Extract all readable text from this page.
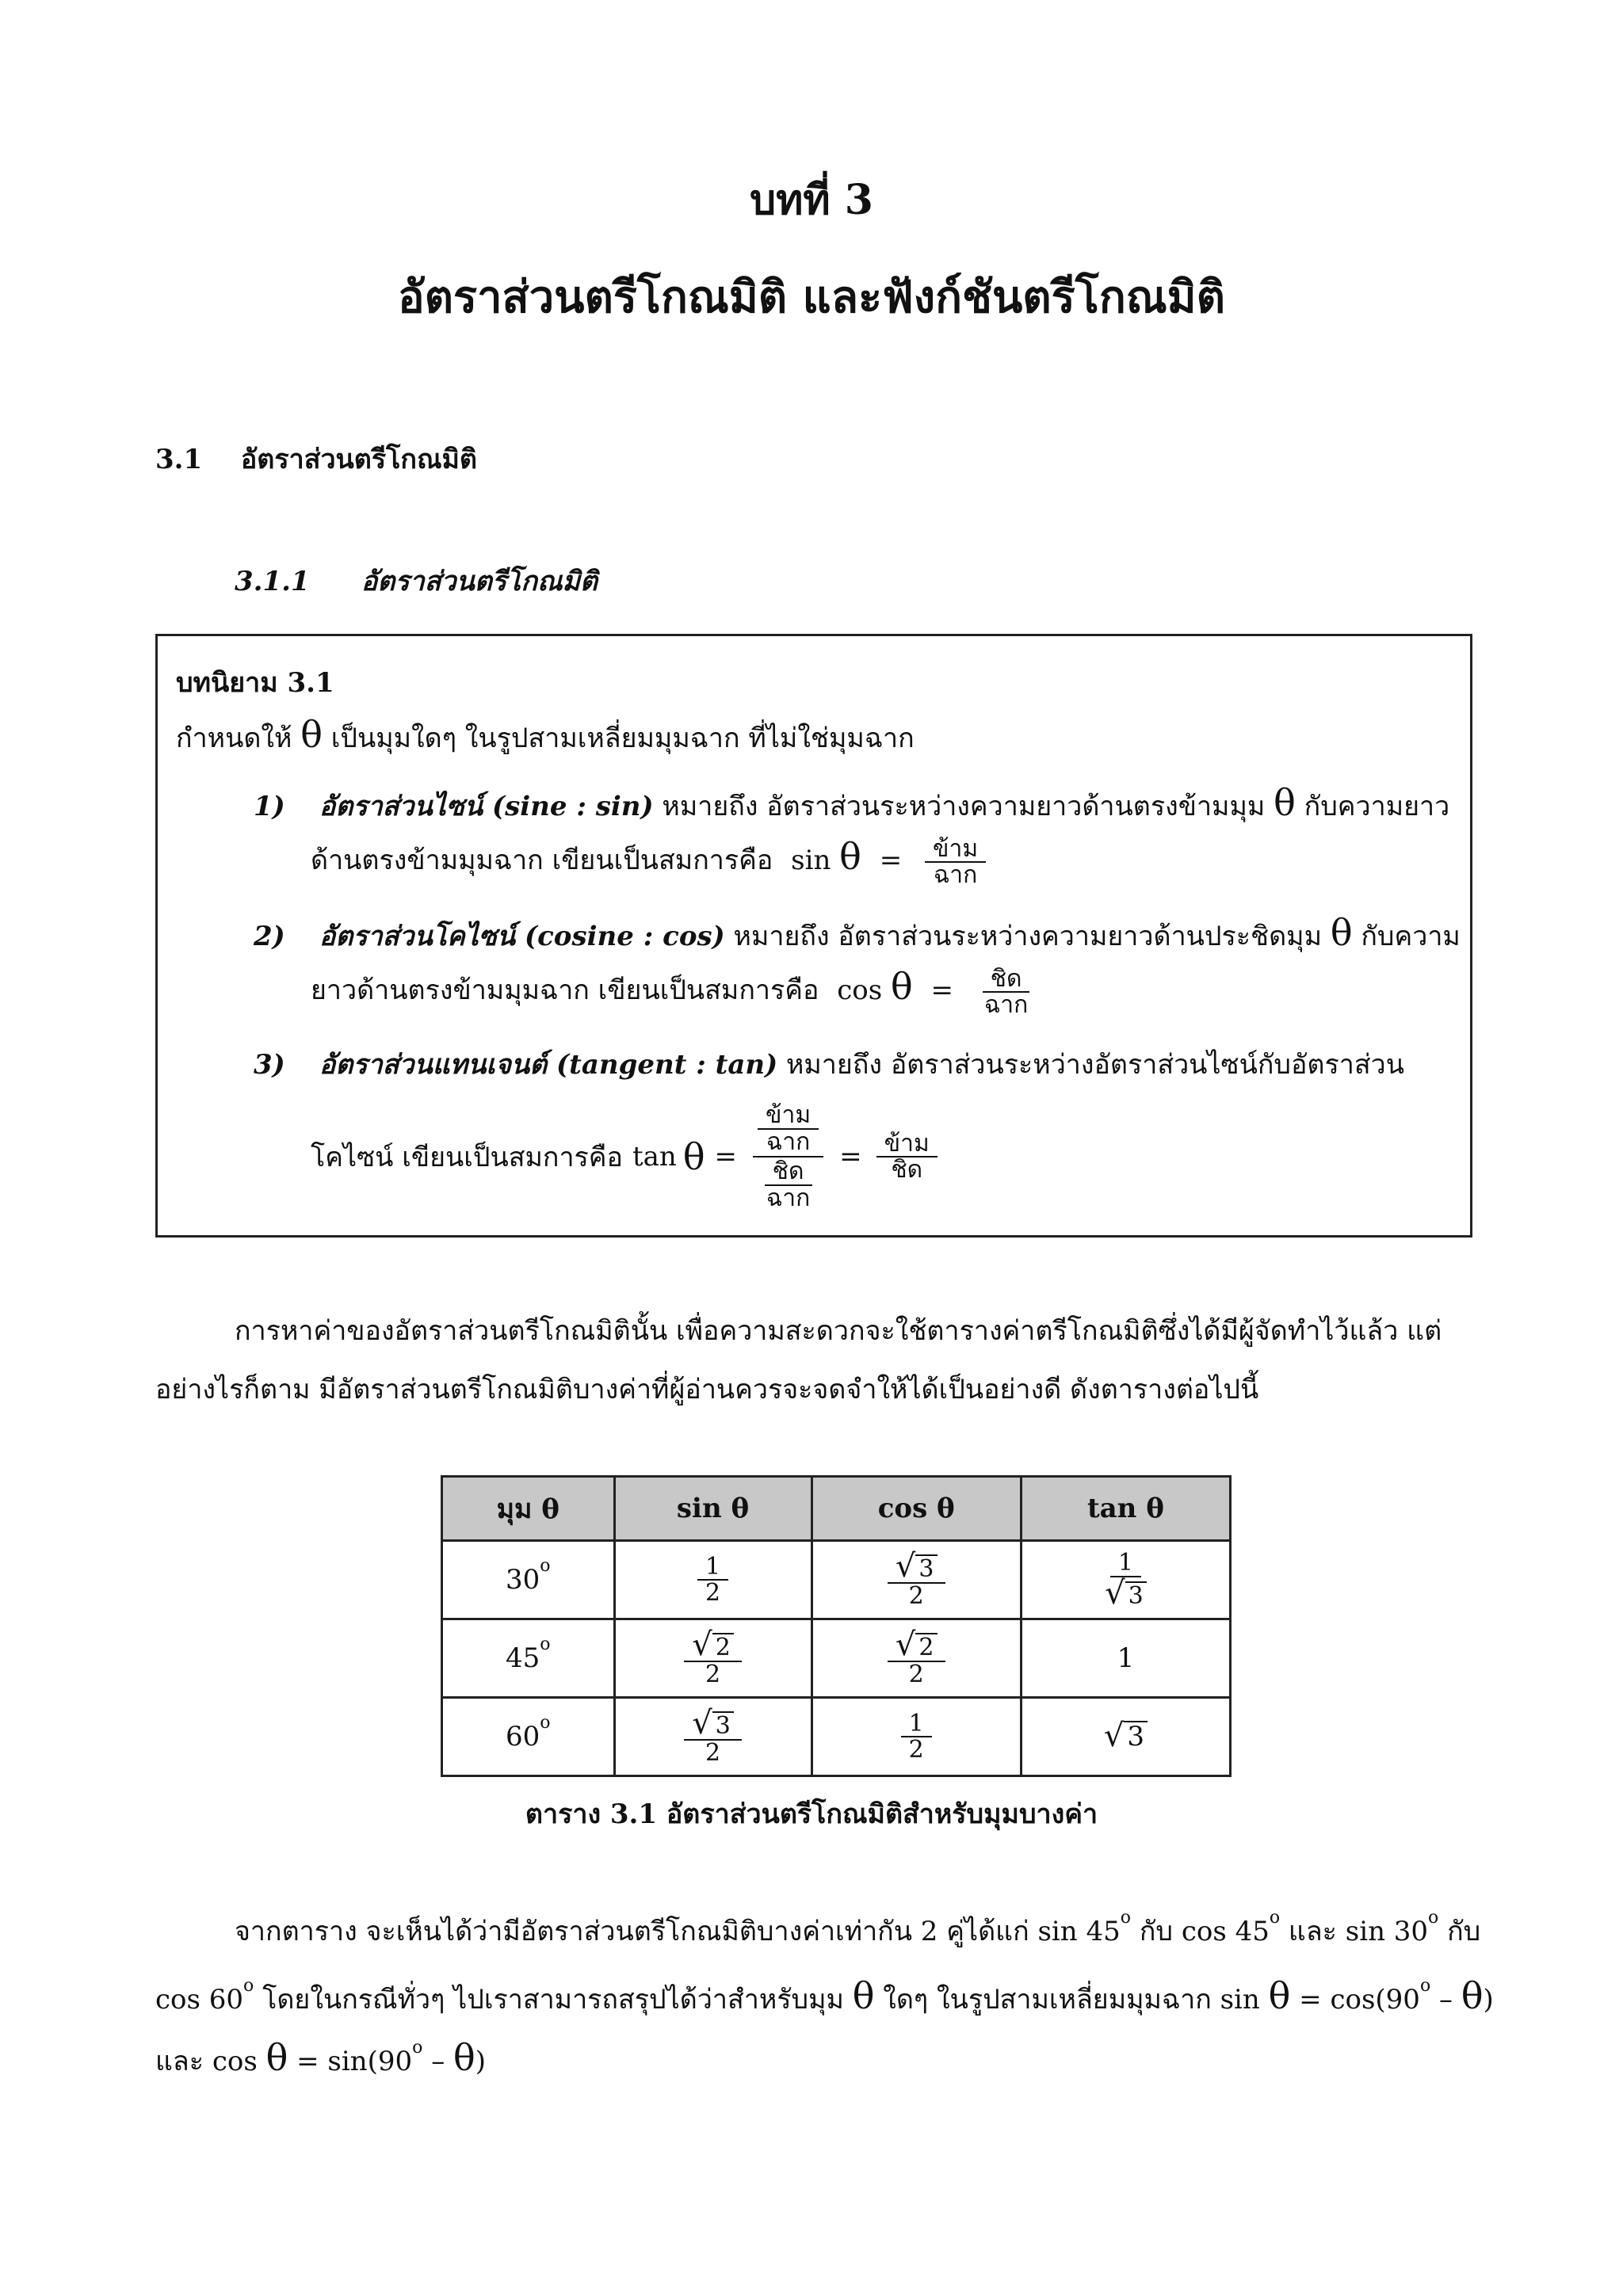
บทที่ 3
อัตราส่วนตรีโกณมิติ และฟังก์ชันตรีโกณมิติ
3.1 อัตราส่วนตรีโกณมิติ
3.1.1 อัตราส่วนตรีโกณมิติ
บทนิยาม 3.1
กำหนดให้ θ เป็นมุมใดๆ ในรูปสามเหลี่ยมมุมฉาก ที่ไม่ใช่มุมฉาก
1) อัตราส่วนไซน์ (sine : sin) หมายถึง อัตราส่วนระหว่างความยาวด้านตรงข้ามมุม θ กับความยาว
ด้านตรงข้ามมุมฉาก เขียนเป็นสมการคือ $\sin \theta = \frac{\text{ข้าม}}{\text{ฉาก}}$
2) อัตราส่วนโคไซน์ (cosine : cos) หมายถึง อัตราส่วนระหว่างความยาวด้านประชิดมุม θ กับความ
ยาวด้านตรงข้ามมุมฉาก เขียนเป็นสมการคือ $\cos \theta = \frac{\text{ชิด}}{\text{ฉาก}}$
3) อัตราส่วนแทนเจนต์ (tangent : tan) หมายถึง อัตราส่วนระหว่างอัตราส่วนไซน์กับอัตราส่วน
โคไซน์ เขียนเป็นสมการคือ tan θ =
$\frac{\text{ข้าม}}{\text{ฉาก}}$
$\frac{\text{ชิด}}{\text{ฉาก}}$
= $\frac{\text{ข้าม}}{\text{ชิด}}$
การหาค่าของอัตราส่วนตรีโกณมิตินั้น เพื่อความสะดวกจะใช้ตารางค่าตรีโกณมิติซึ่งได้มีผู้จัดทำไว้แล้ว แต่
อย่างไรก็ตาม มีอัตราส่วนตรีโกณมิติบางค่าที่ผู้อ่านควรจะจดจำให้ได้เป็นอย่างดี ดังตารางต่อไปนี้
มุม θ	sin θ	cos θ	tan θ
30$^o$	$\frac{1}{2}$	$\frac{√ 3}{2}$	$\frac{1}{√ 3}$

45$^o$	$\frac{√ 2}{2}$	$\frac{√ 2}{2}$	1
60$^o$	$\frac{√ 3}{2}$	$\frac{1}{2}$	√ 3
ตาราง 3.1 อัตราส่วนตรีโกณมิติสำหรับมุมบางค่า
จากตาราง จะเห็นได้ว่ามีอัตราส่วนตรีโกณมิติบางค่าเท่ากัน 2 คู่ได้แก่ sin 45$^o$ กับ cos 45$^o$ และ sin 30$^o$ กับ
cos 60$^o$ โดยในกรณีทั่วๆ ไปเราสามารถสรุปได้ว่าสำหรับมุม θ ใดๆ ในรูปสามเหลี่ยมมุมฉาก $\sin \theta = \cos(90^o - \theta)$
และ $\cos \theta = \sin(90^o - \theta)$
